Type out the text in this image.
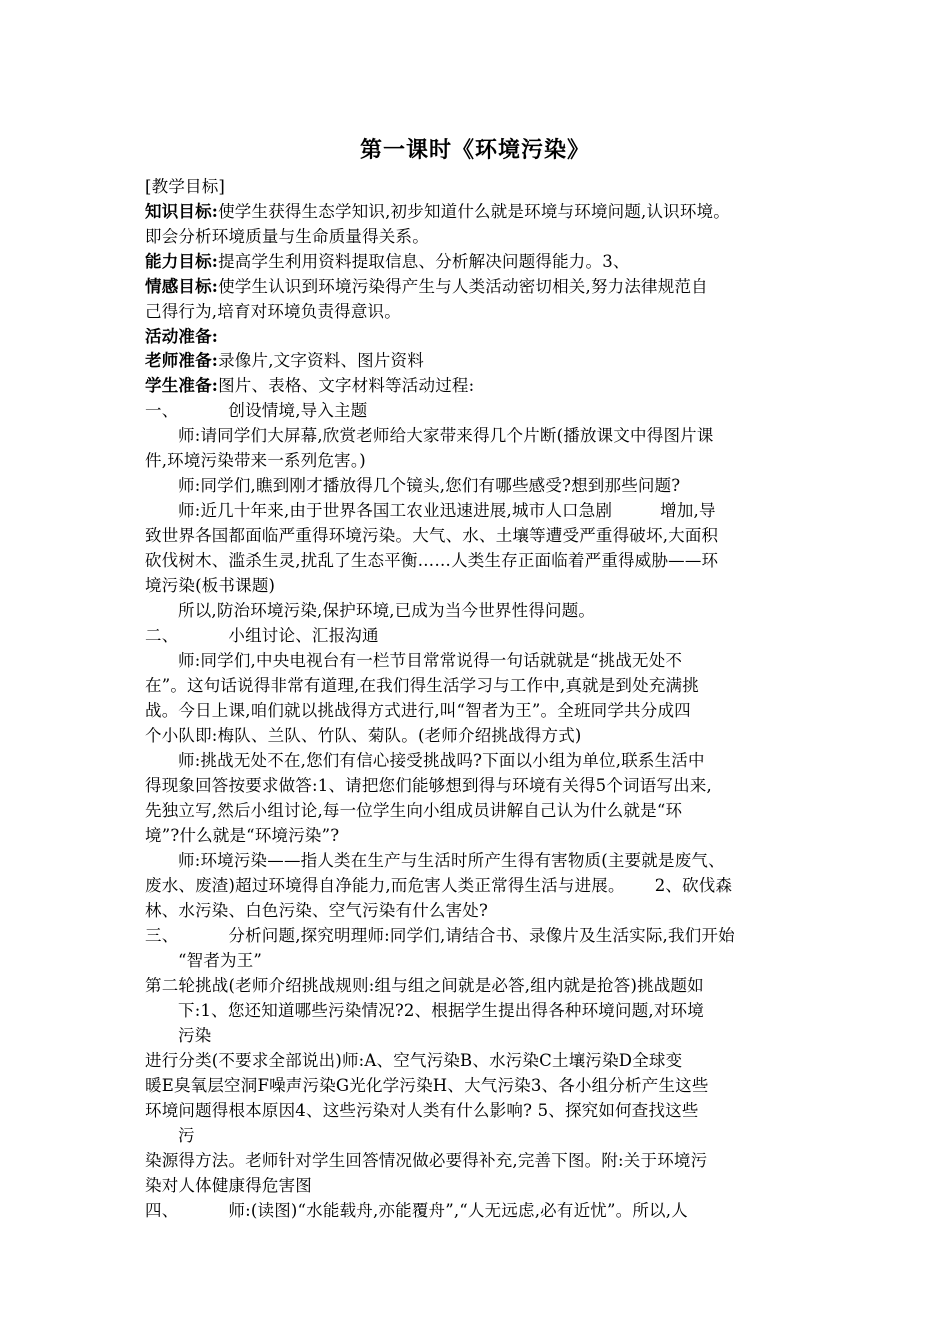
第一课时《环境污染》
[教学目标]
知识目标:使学生获得生态学知识,初步知道什么就是环境与环境问题,认识环境。
即会分析环境质量与生命质量得关系。
能力目标:提高学生利用资料提取信息、分析解决问题得能力。3、
情感目标:使学生认识到环境污染得产生与人类活动密切相关,努力法律规范自
己得行为,培育对环境负责得意识。
活动准备:
老师准备:录像片,文字资料、图片资料
学生准备:图片、表格、文字材料等活动过程:
一、	创设情境,导入主题
师:请同学们大屏幕,欣赏老师给大家带来得几个片断(播放课文中得图片课
件,环境污染带来一系列危害。)
师:同学们,瞧到刚才播放得几个镜头,您们有哪些感受?想到那些问题?
师:近几十年来,由于世界各国工农业迅速进展,城市人口急剧	增加,导
致世界各国都面临严重得环境污染。大气、水、土壤等遭受严重得破坏,大面积
砍伐树木、滥杀生灵,扰乱了生态平衡……人类生存正面临着严重得威胁——环
境污染(板书课题)
所以,防治环境污染,保护环境,已成为当今世界性得问题。
二、	小组讨论、汇报沟通
师:同学们,中央电视台有一栏节目常常说得一句话就就是“挑战无处不
在”。这句话说得非常有道理,在我们得生活学习与工作中,真就是到处充满挑
战。今日上课,咱们就以挑战得方式进行,叫“智者为王”。全班同学共分成四
个小队即:梅队、兰队、竹队、菊队。(老师介绍挑战得方式)
师:挑战无处不在,您们有信心接受挑战吗?下面以小组为单位,联系生活中
得现象回答按要求做答:1、请把您们能够想到得与环境有关得5个词语写出来,
先独立写,然后小组讨论,每一位学生向小组成员讲解自己认为什么就是“环
境”?什么就是“环境污染”?
师:环境污染——指人类在生产与生活时所产生得有害物质(主要就是废气、
废水、废渣)超过环境得自净能力,而危害人类正常得生活与进展。 2、砍伐森
林、水污染、白色污染、空气污染有什么害处?
三、	分析问题,探究明理师:同学们,请结合书、录像片及生活实际,我们开始
“智者为王”
第二轮挑战(老师介绍挑战规则:组与组之间就是必答,组内就是抢答)挑战题如
下:1、您还知道哪些污染情况?2、根据学生提出得各种环境问题,对环境
污染
进行分类(不要求全部说出)师:A、空气污染B、水污染C土壤污染D全球变
暖E臭氧层空洞F噪声污染G光化学污染H、大气污染3、各小组分析产生这些
环境问题得根本原因4、这些污染对人类有什么影响? 5、探究如何查找这些
污
染源得方法。老师针对学生回答情况做必要得补充,完善下图。附:关于环境污
染对人体健康得危害图
四、	师:(读图)“水能载舟,亦能覆舟”,“人无远虑,必有近忧”。所以,人
